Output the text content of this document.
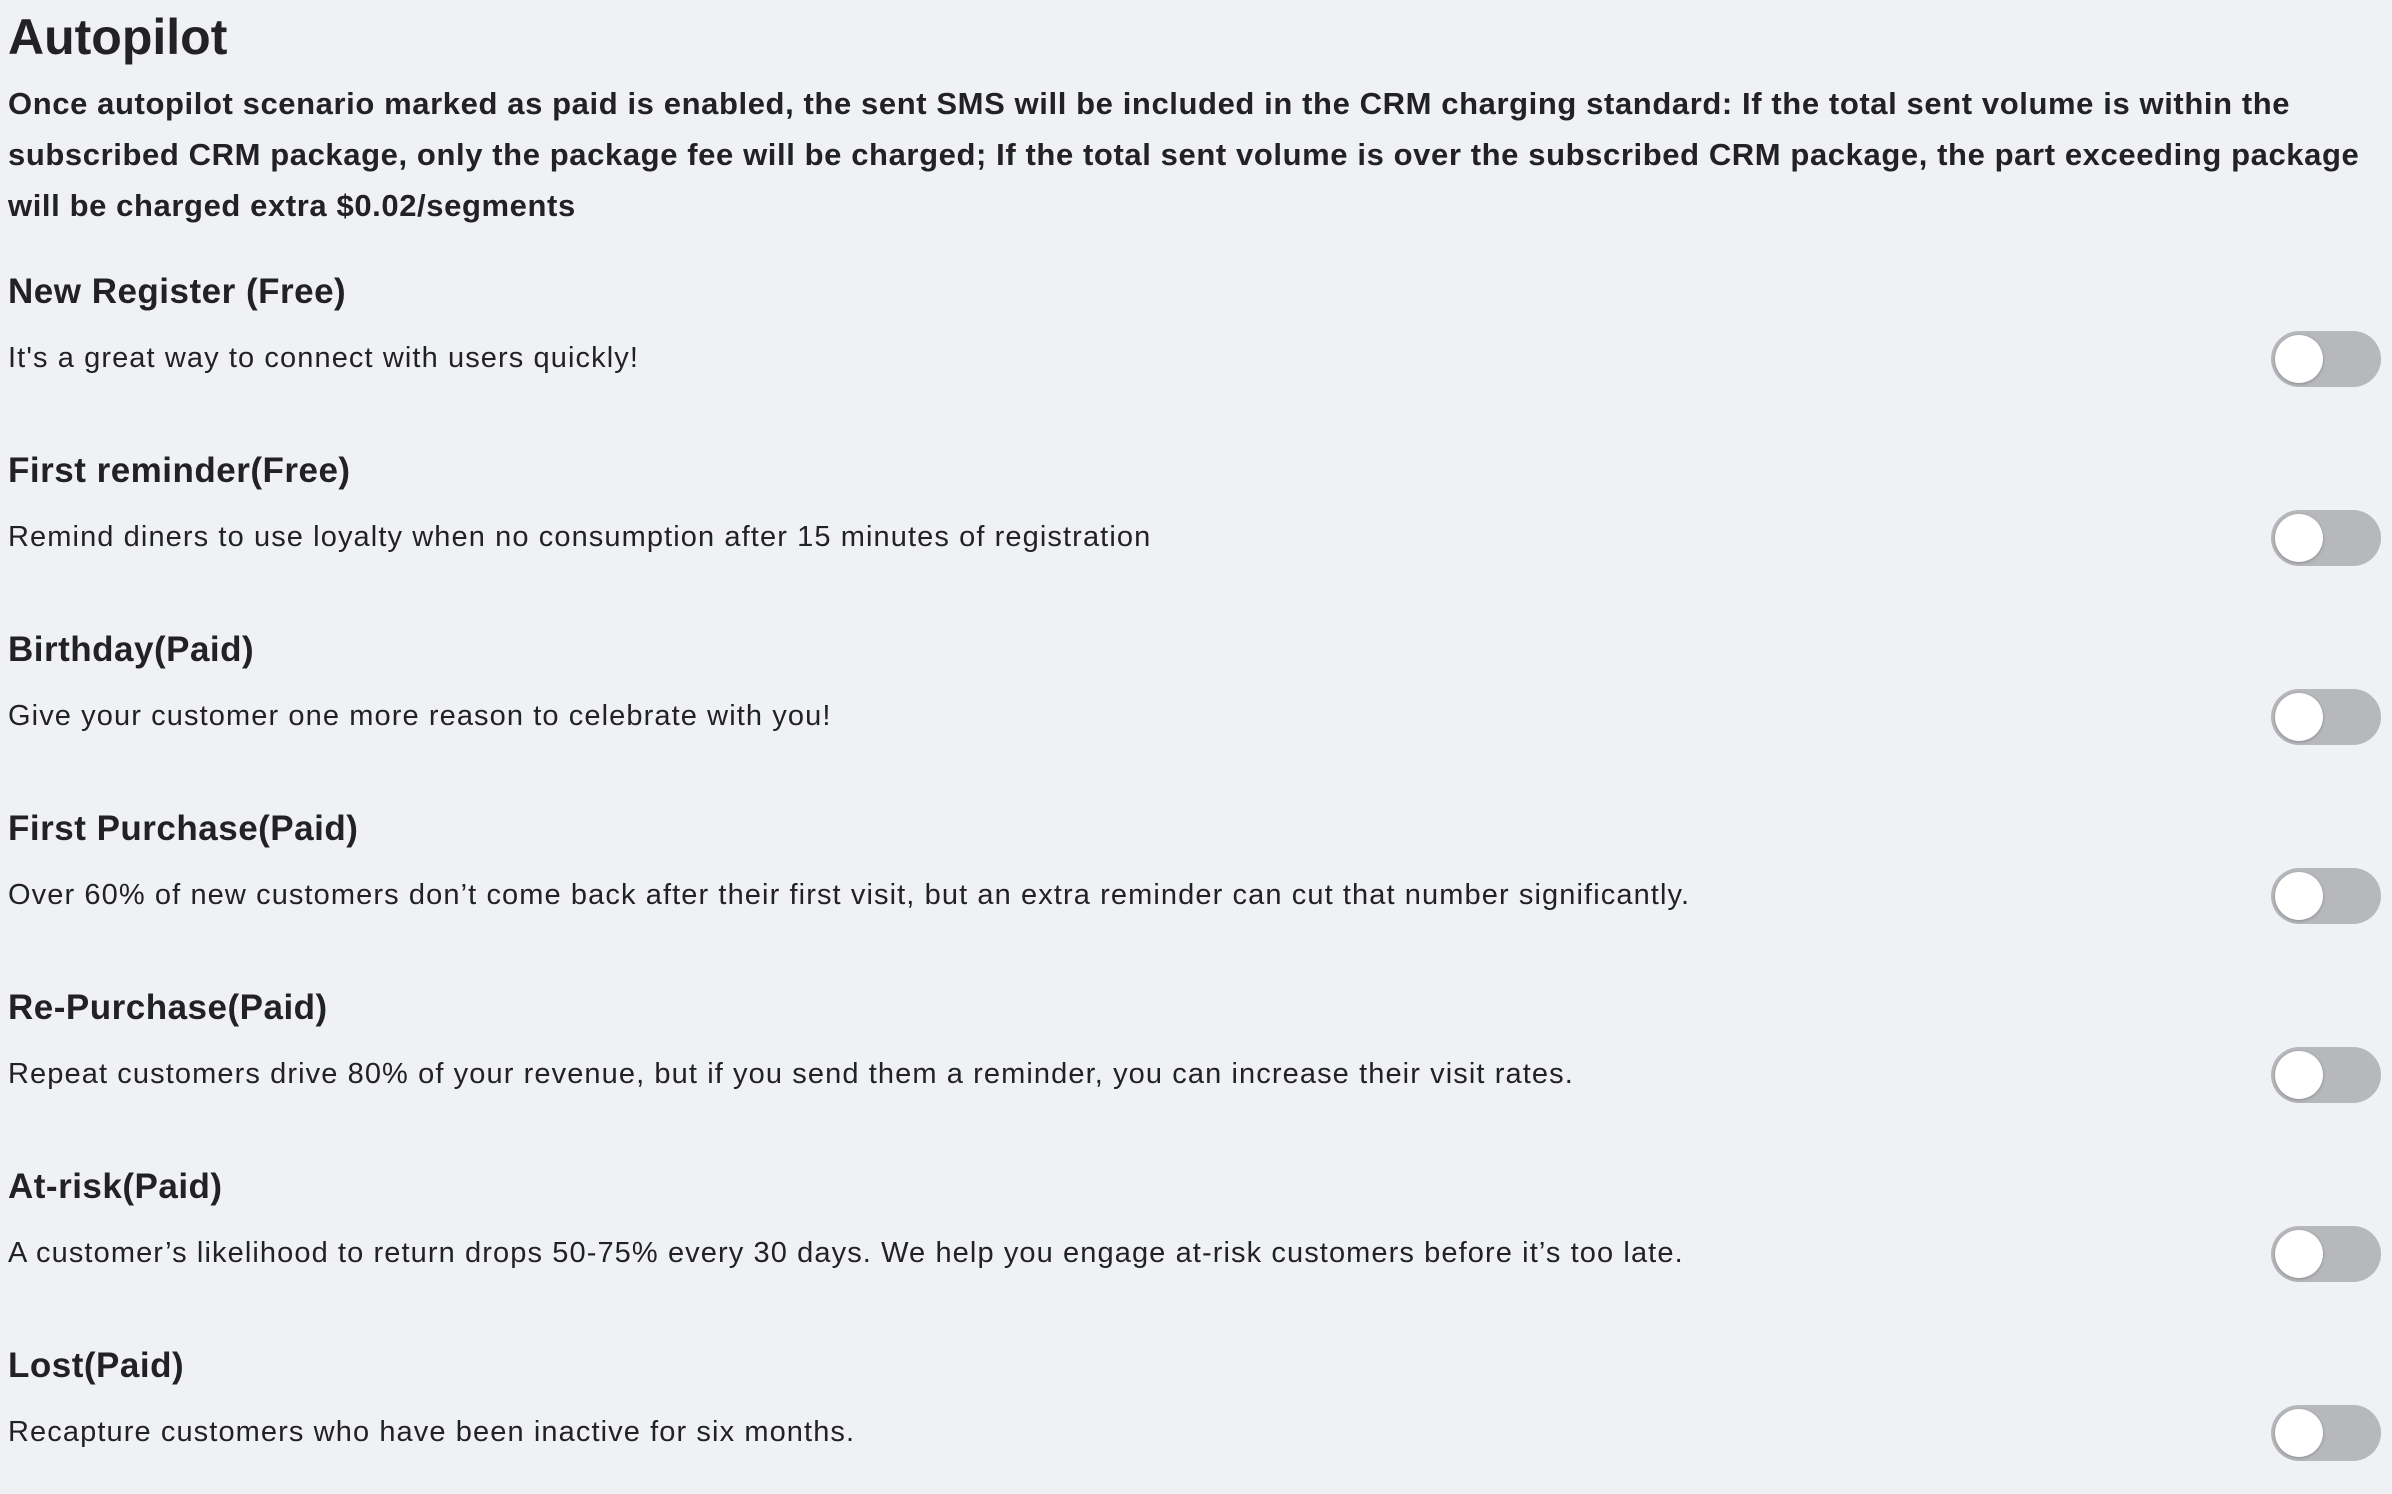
Autopilot

Once autopilot scenario marked as paid is enabled, the sent SMS will be included in the CRM charging standard: If the total sent volume is within the subscribed CRM package, only the package fee will be charged; If the total sent volume is over the subscribed CRM package, the part exceeding package will be charged extra $0.02/segments

New Register (Free)

It's a great way to connect with users quickly!

First reminder(Free)

Remind diners to use loyalty when no consumption after 15 minutes of registration

Birthday(Paid)

Give your customer one more reason to celebrate with you!

First Purchase(Paid)

Over 60% of new customers don’t come back after their first visit, but an extra reminder can cut that number significantly.

Re-Purchase(Paid)

Repeat customers drive 80% of your revenue, but if you send them a reminder, you can increase their visit rates.

At-risk(Paid)

A customer’s likelihood to return drops 50-75% every 30 days. We help you engage at-risk customers before it’s too late.

Lost(Paid)

Recapture customers who have been inactive for six months.
